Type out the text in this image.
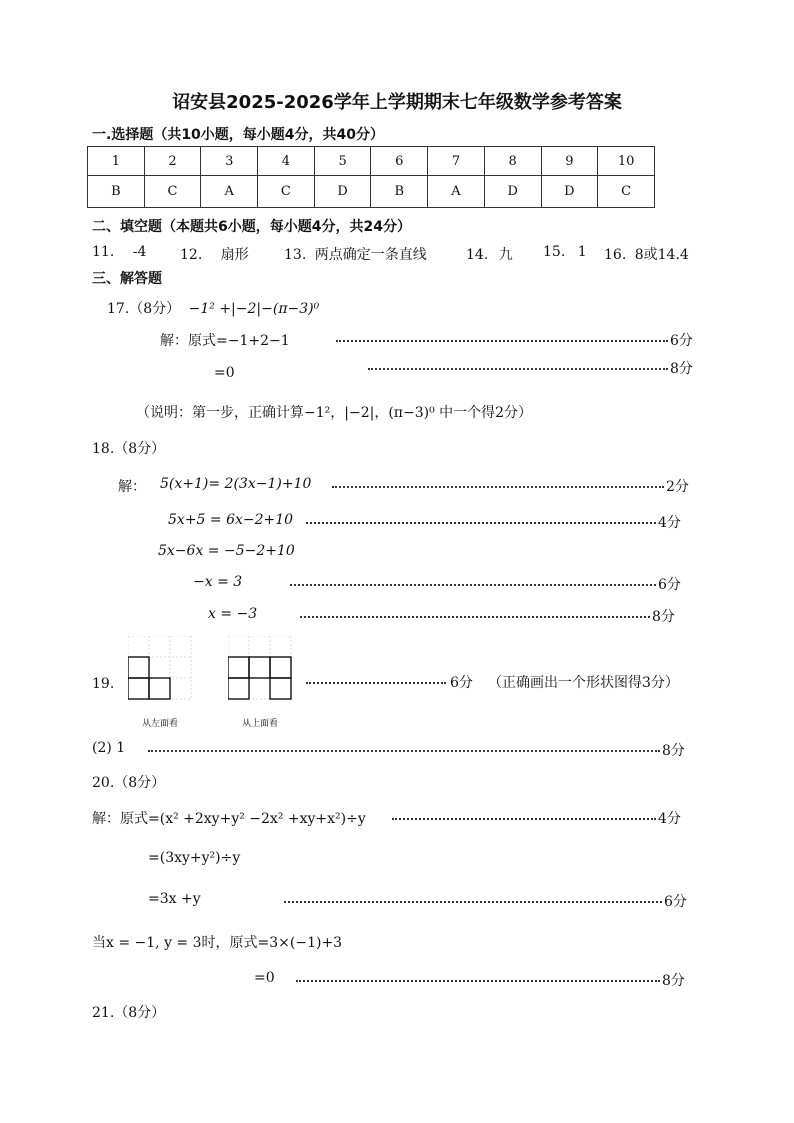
诏安县2025-2026学年上学期期末七年级数学参考答案
一.选择题（共10小题，每小题4分，共40分）
1	2	3	4	5	6	7	8	9	10
B	C	A	C	D	B	A	D	D	C
二、填空题（本题共6小题，每小题4分，共24分）
11. -4 12. 扇形	13. 两点确定一条直线	14. 九 15. 1 16. 8或14.4
三、解答题
17.（8分） −1² +|−2|−(π−3)⁰
解：原式=−1+2−1	6分
=0	8分
（说明：第一步，正确计算−1²，|−2|，(π−3)⁰ 中一个得2分）
18.（8分）
解： 5(x+1)= 2(3x−1)+10	2分
5x+5 = 6x−2+10	4分
5x−6x = −5−2+10
−x = 3	6分
x = −3	8分
19.
从左面看	从上面看
6分 （正确画出一个形状图得3分）
(2) 1	8分
20.（8分）
解：原式=(x² +2xy+y² −2x² +xy+x²)÷y	4分
=(3xy+y²)÷y
=3x +y	6分
当x = −1, y = 3时，原式=3×(−1)+3
=0	8分
21.（8分）
